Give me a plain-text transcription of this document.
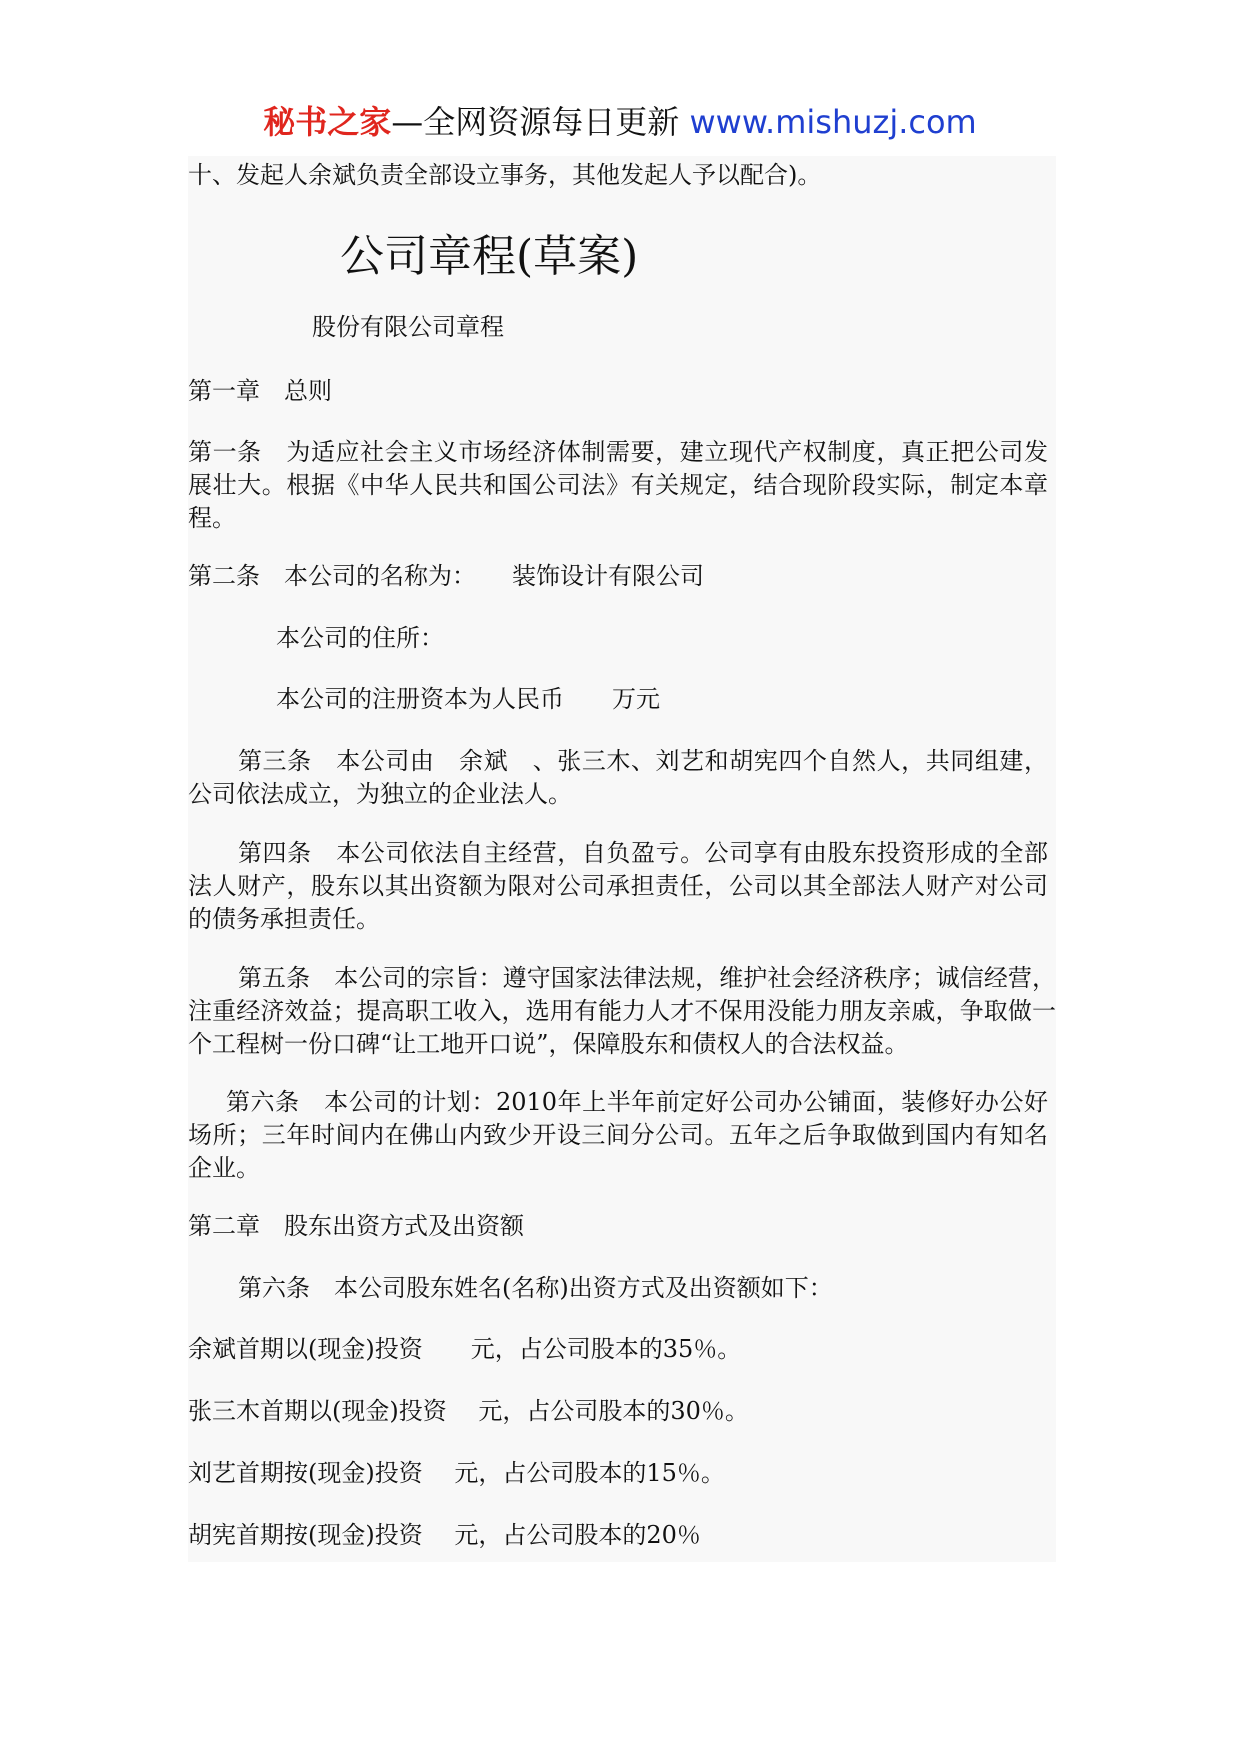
秘书之家—全网资源每日更新 www.mishuzj.com
十、发起人余斌负责全部设立事务，其他发起人予以配合)。
公司章程(草案)
股份有限公司章程
第一章　总则
第一条　为适应社会主义市场经济体制需要，建立现代产权制度，真正把公司发展壮大。根据《中华人民共和国公司法》有关规定，结合现阶段实际，制定本章程。
第二条　本公司的名称为：　　装饰设计有限公司
本公司的住所：
本公司的注册资本为人民币　　万元
第三条　本公司由　余斌　、张三木、刘艺和胡宪四个自然人，共同组建，公司依法成立，为独立的企业法人。
第四条　本公司依法自主经营，自负盈亏。公司享有由股东投资形成的全部法人财产，股东以其出资额为限对公司承担责任，公司以其全部法人财产对公司的债务承担责任。
第五条　本公司的宗旨：遵守国家法律法规，维护社会经济秩序；诚信经营，注重经济效益；提高职工收入，选用有能力人才不保用没能力朋友亲戚，争取做一个工程树一份口碑“让工地开口说”，保障股东和债权人的合法权益。
第六条　本公司的计划：2010年上半年前定好公司办公铺面，装修好办公好场所；三年时间内在佛山内致少开设三间分公司。五年之后争取做到国内有知名企业。
第二章　股东出资方式及出资额
第六条　本公司股东姓名(名称)出资方式及出资额如下：
余斌首期以(现金)投资　　元，占公司股本的35％。
张三木首期以(现金)投资　 元，占公司股本的30％。
刘艺首期按(现金)投资　 元，占公司股本的15％。
胡宪首期按(现金)投资　 元，占公司股本的20％
